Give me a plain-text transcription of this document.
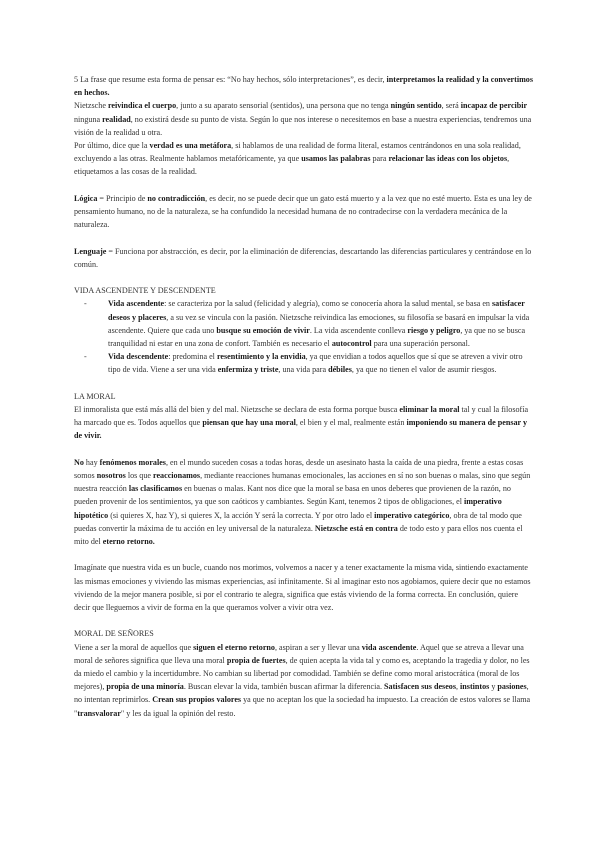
5 La frase que resume esta forma de pensar es: “No hay hechos, sólo interpretaciones”, es decir, interpretamos la realidad y la convertimos en hechos.

Nietzsche reivindica el cuerpo, junto a su aparato sensorial (sentidos), una persona que no tenga ningún sentido, será incapaz de percibir ninguna realidad, no existirá desde su punto de vista. Según lo que nos interese o necesitemos en base a nuestra experiencias, tendremos una visión de la realidad u otra.

Por último, dice que la verdad es una metáfora, si hablamos de una realidad de forma literal, estamos centrándonos en una sola realidad, excluyendo a las otras. Realmente hablamos metafóricamente, ya que usamos las palabras para relacionar las ideas con los objetos, etiquetamos a las cosas de la realidad.

Lógica = Principio de no contradicción, es decir, no se puede decir que un gato está muerto y a la vez que no esté muerto. Esta es una ley de pensamiento humano, no de la naturaleza, se ha confundido la necesidad humana de no contradecirse con la verdadera mecánica de la naturaleza.

Lenguaje = Funciona por abstracción, es decir, por la eliminación de diferencias, descartando las diferencias particulares y centrándose en lo común.

VIDA ASCENDENTE Y DESCENDENTE

- Vida ascendente: se caracteriza por la salud (felicidad y alegría), como se conocería ahora la salud mental, se basa en satisfacer deseos y placeres, a su vez se vincula con la pasión. Nietzsche reivindica las emociones, su filosofía se basará en impulsar la vida ascendente. Quiere que cada uno busque su emoción de vivir. La vida ascendente conlleva riesgo y peligro, ya que no se busca tranquilidad ni estar en una zona de confort. También es necesario el autocontrol para una superación personal.
- Vida descendente: predomina el resentimiento y la envidia, ya que envidian a todos aquellos que sí que se atreven a vivir otro tipo de vida. Viene a ser una vida enfermiza y triste, una vida para débiles, ya que no tienen el valor de asumir riesgos.

LA MORAL

El inmoralista que está más allá del bien y del mal. Nietzsche se declara de esta forma porque busca eliminar la moral tal y cual la filosofía ha marcado que es. Todos aquellos que piensan que hay una moral, el bien y el mal, realmente están imponiendo su manera de pensar y de vivir.

No hay fenómenos morales, en el mundo suceden cosas a todas horas, desde un asesinato hasta la caída de una piedra, frente a estas cosas somos nosotros los que reaccionamos, mediante reacciones humanas emocionales, las acciones en sí no son buenas o malas, sino que según nuestra reacción las clasificamos en buenas o malas. Kant nos dice que la moral se basa en unos deberes que provienen de la razón, no pueden provenir de los sentimientos, ya que son caóticos y cambiantes. Según Kant, tenemos 2 tipos de obligaciones, el imperativo hipotético (si quieres X, haz Y), si quieres X, la acción Y será la correcta. Y por otro lado el imperativo categórico, obra de tal modo que puedas convertir la máxima de tu acción en ley universal de la naturaleza. Nietzsche está en contra de todo esto y para ellos nos cuenta el mito del eterno retorno.

Imagínate que nuestra vida es un bucle, cuando nos morimos, volvemos a nacer y a tener exactamente la misma vida, sintiendo exactamente las mismas emociones y viviendo las mismas experiencias, así infinitamente. Si al imaginar esto nos agobiamos, quiere decir que no estamos viviendo de la mejor manera posible, si por el contrario te alegra, significa que estás viviendo de la forma correcta. En conclusión, quiere decir que lleguemos a vivir de forma en la que queramos volver a vivir otra vez.

MORAL DE SEÑORES

Viene a ser la moral de aquellos que siguen el eterno retorno, aspiran a ser y llevar una vida ascendente. Aquel que se atreva a llevar una moral de señores significa que lleva una moral propia de fuertes, de quien acepta la vida tal y como es, aceptando la tragedia y dolor, no les da miedo el cambio y la incertidumbre. No cambian su libertad por comodidad. También se define como moral aristocrática (moral de los mejores), propia de una minoría. Buscan elevar la vida, también buscan afirmar la diferencia. Satisfacen sus deseos, instintos y pasiones, no intentan reprimirlos. Crean sus propios valores ya que no aceptan los que la sociedad ha impuesto. La creación de estos valores se llama "transvalorar" y les da igual la opinión del resto.
